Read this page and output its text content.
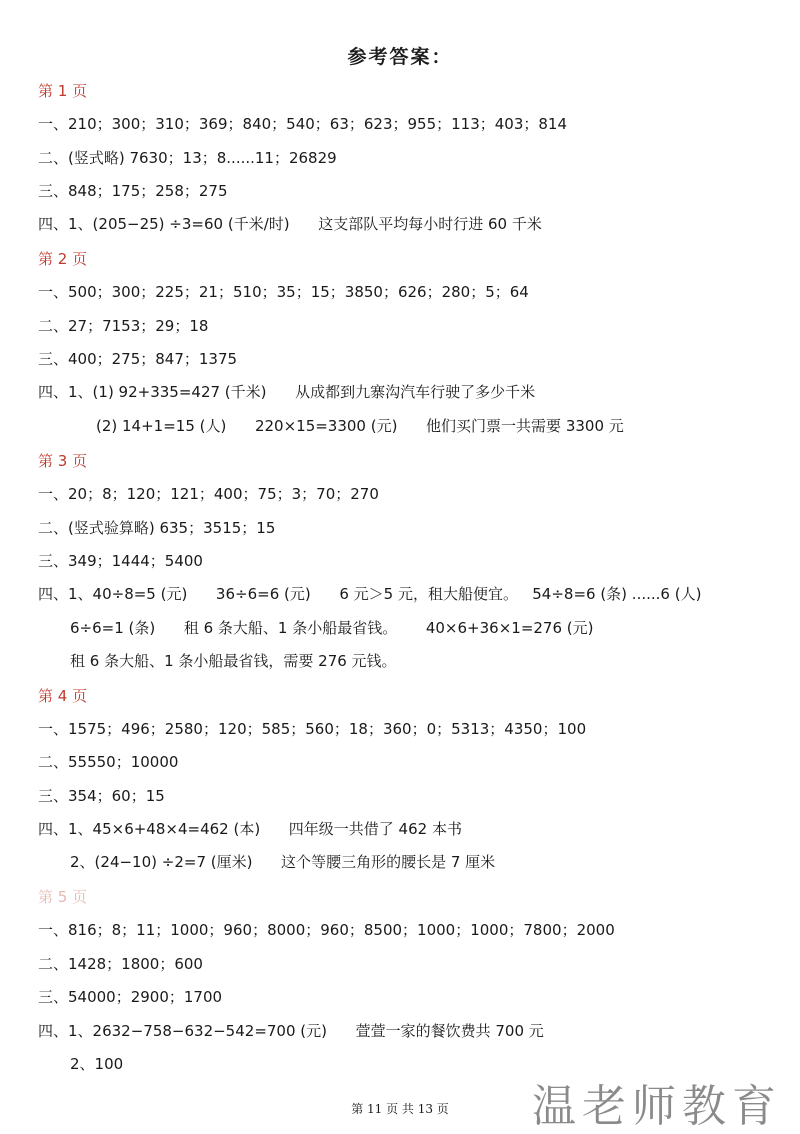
参考答案：
第 1 页
一、210；300；310；369；840；540；63；623；955；113；403；814
二、(竖式略) 7630；13；8......11；26829
三、848；175；258；275
四、1、(205−25) ÷3=60 (千米/时)      这支部队平均每小时行进 60 千米
第 2 页
一、500；300；225；21；510；35；15；3850；626；280；5；64
二、27；7153；29；18
三、400；275；847；1375
四、1、(1) 92+335=427 (千米)      从成都到九寨沟汽车行驶了多少千米
(2) 14+1=15 (人)      220×15=3300 (元)      他们买门票一共需要 3300 元
第 3 页
一、20；8；120；121；400；75；3；70；270
二、(竖式验算略) 635；3515；15
三、349；1444；5400
四、1、40÷8=5 (元)      36÷6=6 (元)      6 元＞5 元，租大船便宜。   54÷8=6 (条) ......6 (人)
6÷6=1 (条)      租 6 条大船、1 条小船最省钱。      40×6+36×1=276 (元)
租 6 条大船、1 条小船最省钱，需要 276 元钱。
第 4 页
一、1575；496；2580；120；585；560；18；360；0；5313；4350；100
二、55550；10000
三、354；60；15
四、1、45×6+48×4=462 (本)      四年级一共借了 462 本书
2、(24−10) ÷2=7 (厘米)      这个等腰三角形的腰长是 7 厘米
第 5 页
一、816；8；11；1000；960；8000；960；8500；1000；1000；7800；2000
二、1428；1800；600
三、54000；2900；1700
四、1、2632−758−632−542=700 (元)      萱萱一家的餐饮费共 700 元
2、100
第 11 页 共 13 页	温老师教育
